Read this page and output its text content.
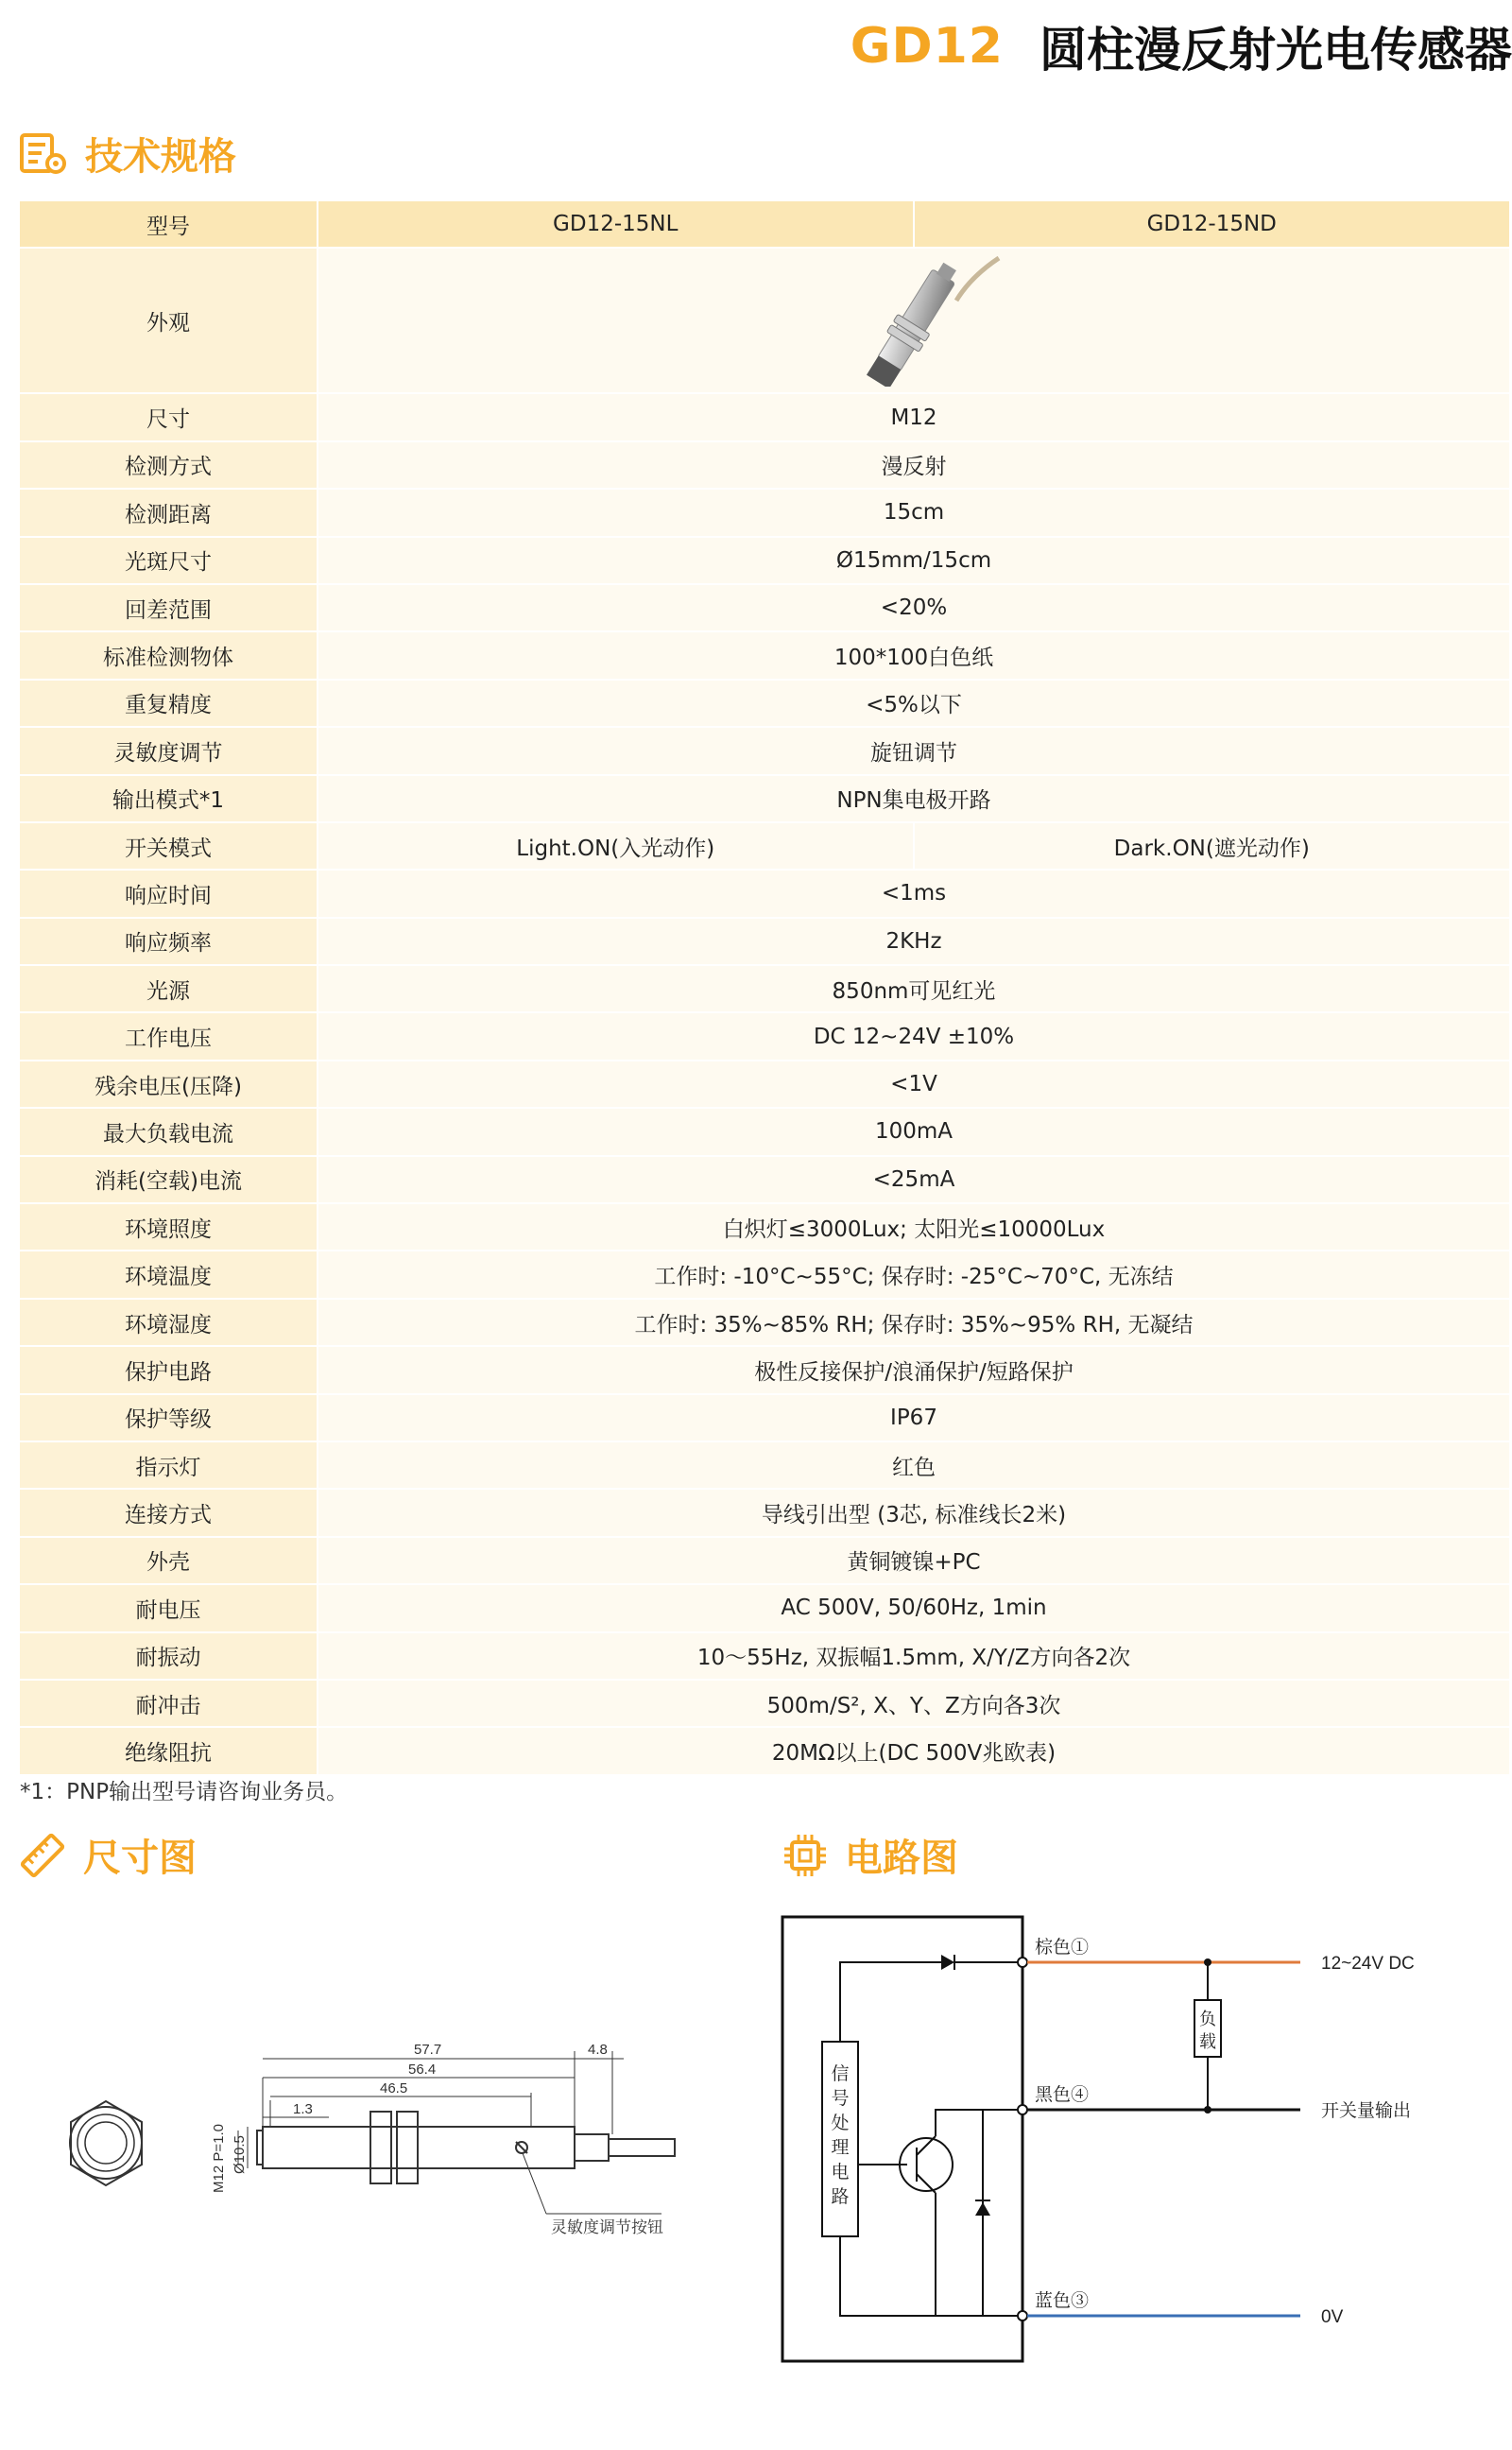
GD12 圆柱漫反射光电传感器
技术规格
型号	GD12-15NL	GD12-15ND
外观	
尺寸	M12	
检测方式	漫反射	
检测距离	15cm	
光斑尺寸	Ø15mm/15cm	
回差范围	<20%	
标准检测物体	100*100白色纸	
重复精度	<5%以下	
灵敏度调节	旋钮调节	
输出模式*1	NPN集电极开路	
开关模式	Light.ON(入光动作)	Dark.ON(遮光动作)
响应时间	<1ms	
响应频率	2KHz	
光源	850nm可见红光	
工作电压	DC 12~24V ±10%	
残余电压(压降)	<1V	
最大负载电流	100mA	
消耗(空载)电流	<25mA	
环境照度	白炽灯≤3000Lux; 太阳光≤10000Lux	
环境温度	工作时: -10°C~55°C; 保存时: -25°C~70°C, 无冻结	
环境湿度	工作时: 35%~85% RH; 保存时: 35%~95% RH, 无凝结	
保护电路	极性反接保护/浪涌保护/短路保护	
保护等级	IP67	
指示灯	红色	
连接方式	导线引出型 (3芯, 标准线长2米)	
外壳	黄铜镀镍+PC	
耐电压	AC 500V, 50/60Hz, 1min	
耐振动	10～55Hz, 双振幅1.5mm, X/Y/Z方向各2次	
耐冲击	500m/S², X、Y、Z方向各3次	
绝缘阻抗	20MΩ以上(DC 500V兆欧表)	
*1：PNP输出型号请咨询业务员。
尺寸图	电路图
57.7
56.4
46.5
1.3
4.8
M12 P=1.0 Ø10.5
灵敏度调节按钮
信
号
处
理
电
路
负
载
棕色①
黑色④
蓝色③
12~24V DC
开关量输出
0V
